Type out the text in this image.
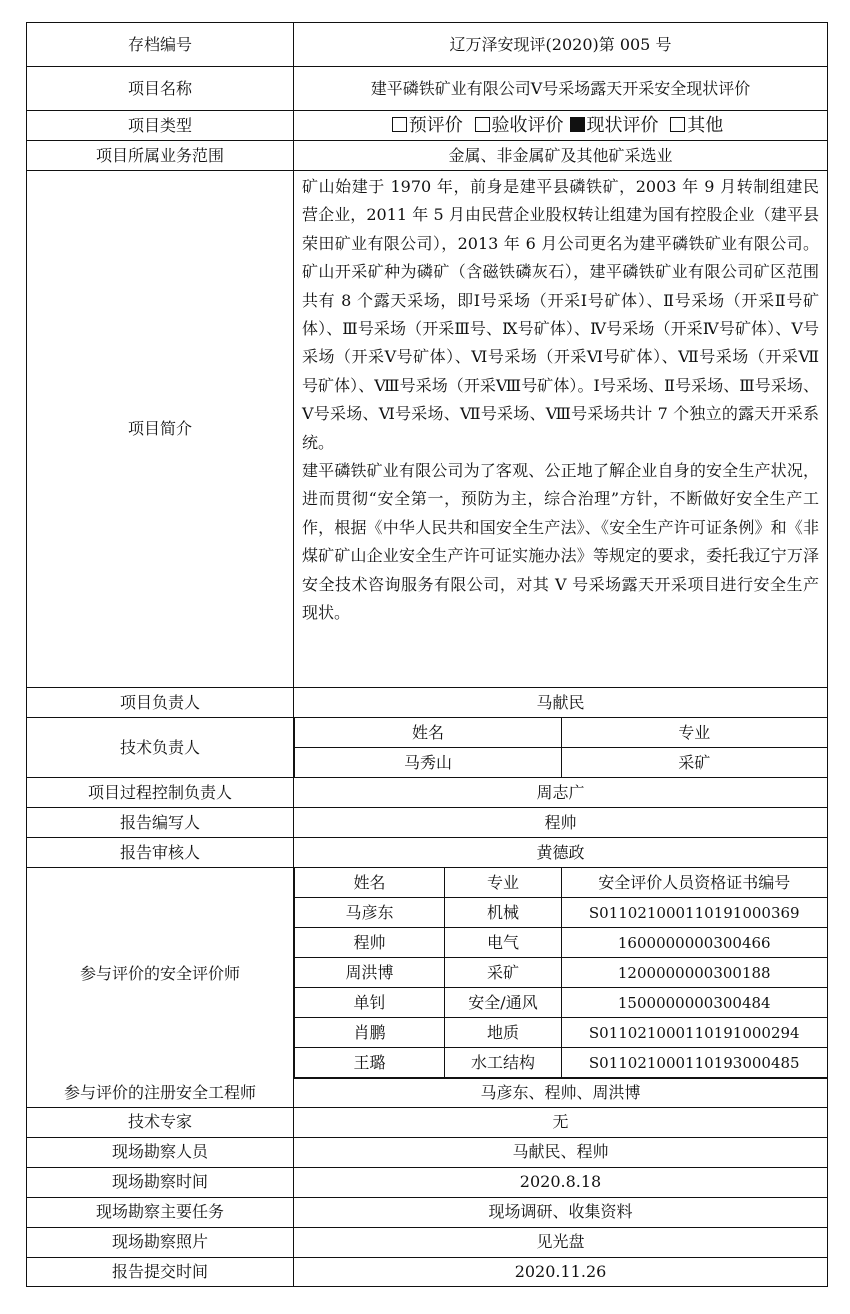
存档编号	辽万泽安现评(2020)第 005 号
项目名称	建平磷铁矿业有限公司V号采场露天开采安全现状评价
项目类型	预评价 验收评价 现状评价 其他
项目所属业务范围	金属、非金属矿及其他矿采选业
项目简介	

矿山始建于 1970 年，前身是建平县磷铁矿，2003 年 9 月转制组建民营企业，2011 年 5 月由民营企业股权转让组建为国有控股企业（建平县荣田矿业有限公司），2013 年 6 月公司更名为建平磷铁矿业有限公司。矿山开采矿种为磷矿（含磁铁磷灰石），建平磷铁矿业有限公司矿区范围共有 8 个露天采场，即Ⅰ号采场（开采Ⅰ号矿体）、Ⅱ号采场（开采Ⅱ号矿体）、Ⅲ号采场（开采Ⅲ号、Ⅸ号矿体）、Ⅳ号采场（开采Ⅳ号矿体）、Ⅴ号采场（开采Ⅴ号矿体）、Ⅵ号采场（开采Ⅵ号矿体）、Ⅶ号采场（开采Ⅶ号矿体）、Ⅷ号采场（开采Ⅷ号矿体）。Ⅰ号采场、Ⅱ号采场、Ⅲ号采场、Ⅴ号采场、Ⅵ号采场、Ⅶ号采场、Ⅷ号采场共计 7 个独立的露天开采系统。

建平磷铁矿业有限公司为了客观、公正地了解企业自身的安全生产状况，进而贯彻“安全第一，预防为主，综合治理”方针，不断做好安全生产工作，根据《中华人民共和国安全生产法》、《安全生产许可证条例》和《非煤矿矿山企业安全生产许可证实施办法》等规定的要求，委托我辽宁万泽安全技术咨询服务有限公司，对其 V 号采场露天开采项目进行安全生产现状。

项目负责人	马献民
技术负责人	
姓名	专业
马秀山	采矿

项目过程控制负责人	周志广
报告编写人	程帅
报告审核人	黄德政
参与评价的安全评价师	
姓名	专业	安全评价人员资格证书编号
马彦东	机械	S011021000110191000369
程帅	电气	1600000000300466
周洪博	采矿	1200000000300188
单钊	安全/通风	1500000000300484
肖鹏	地质	S011021000110191000294
王璐	水工结构	S011021000110193000485

参与评价的注册安全工程师	马彦东、程帅、周洪博
技术专家	无
现场勘察人员	马献民、程帅
现场勘察时间	2020.8.18
现场勘察主要任务	现场调研、收集资料
现场勘察照片	见光盘
报告提交时间	2020.11.26
